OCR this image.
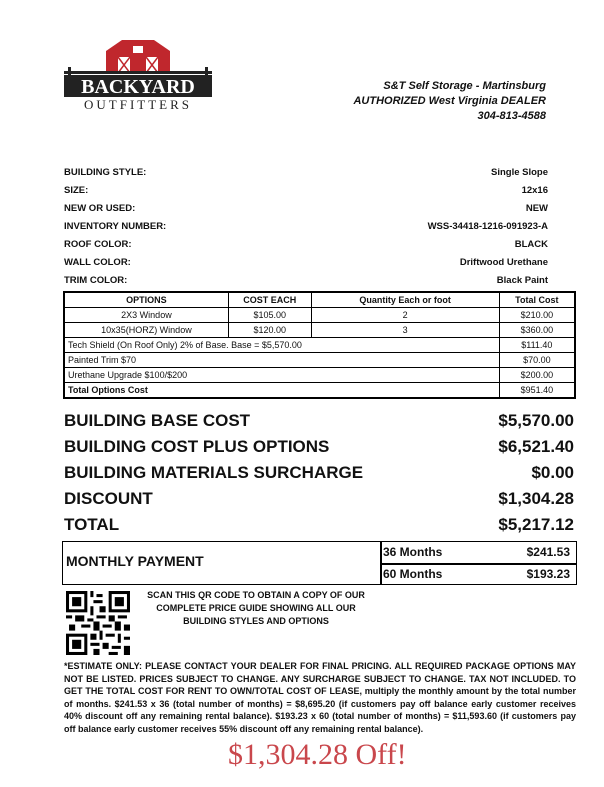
BACKYARD
OUTFITTERS
S&T Self Storage - Martinsburg
AUTHORIZED West Virginia DEALER
304-813-4588
BUILDING STYLE:	Single Slope
SIZE:	12x16
NEW OR USED:	NEW
INVENTORY NUMBER:	WSS-34418-1216-091923-A
ROOF COLOR:	BLACK
WALL COLOR:	Driftwood Urethane
TRIM COLOR:	Black Paint
OPTIONS	COST EACH	Quantity Each or foot	Total Cost
2X3 Window	$105.00	2	$210.00
10x35(HORZ) Window	$120.00	3	$360.00
Tech Shield (On Roof Only) 2% of Base. Base = $5,570.00			$111.40
Painted Trim $70			$70.00
Urethane Upgrade $100/$200			$200.00
Total Options Cost			$951.40
BUILDING BASE COST	$5,570.00
BUILDING COST PLUS OPTIONS	$6,521.40
BUILDING MATERIALS SURCHARGE	$0.00
DISCOUNT	$1,304.28
TOTAL	$5,217.12
MONTHLY PAYMENT
36 Months	$241.53
60 Months	$193.23
SCAN THIS QR CODE TO OBTAIN A COPY OF OUR COMPLETE PRICE GUIDE SHOWING ALL OUR BUILDING STYLES AND OPTIONS
*ESTIMATE ONLY: PLEASE CONTACT YOUR DEALER FOR FINAL PRICING. ALL REQUIRED PACKAGE OPTIONS MAY NOT BE LISTED. PRICES SUBJECT TO CHANGE. ANY SURCHARGE SUBJECT TO CHANGE. TAX NOT INCLUDED. TO GET THE TOTAL COST FOR RENT TO OWN/TOTAL COST OF LEASE, multiply the monthly amount by the total number of months. $241.53 x 36 (total number of months) = $8,695.20 (if customers pay off balance early customer receives 40% discount off any remaining rental balance). $193.23 x 60 (total number of months) = $11,593.60 (if customers pay off balance early customer receives 55% discount off any remaining rental balance).
$1,304.28 Off!
